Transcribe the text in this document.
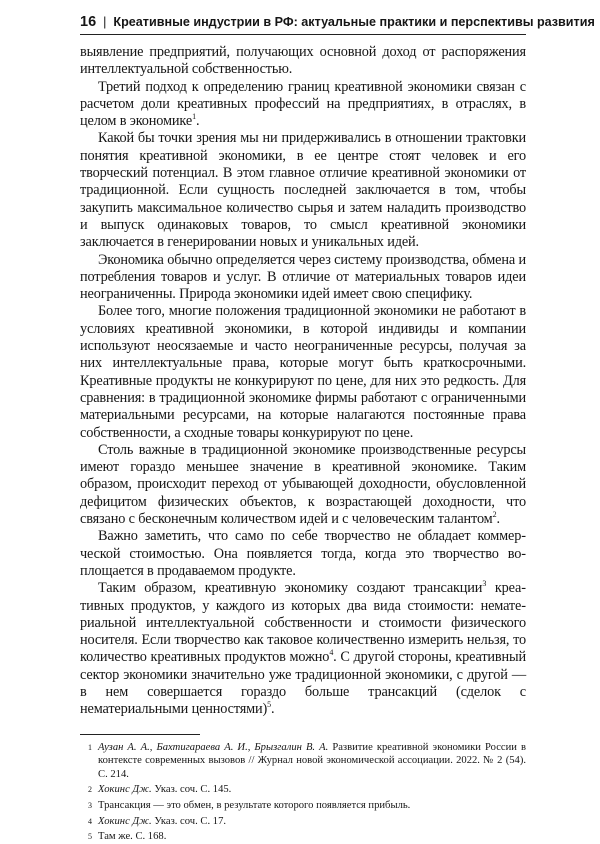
16 | Креативные индустрии в РФ: актуальные практики и перспективы развития

выявление предприятий, получающих основной доход от распоряжения интеллектуальной собственностью.

Третий подход к определению границ креативной экономики связан с расчетом доли креативных профессий на предприятиях, в отраслях, в целом в экономике$^1$.

Какой бы точки зрения мы ни придерживались в отношении трактовки понятия креативной экономики, в ее центре стоят человек и его творческий потенциал. В этом главное отличие креативной экономики от традиционной. Если сущность последней заключается в том, чтобы закупить максимальное количество сырья и затем наладить производство и выпуск одинаковых товаров, то смысл креативной экономики заключается в генерировании новых и уникальных идей.

Экономика обычно определяется через систему производства, обмена и потребления товаров и услуг. В отличие от материальных товаров идеи неограниченны. Природа экономики идей имеет свою специфику.

Более того, многие положения традиционной экономики не работают в условиях креативной экономики, в которой индивиды и компании используют неосязаемые и часто неограниченные ресурсы, получая за них интеллектуальные права, которые могут быть краткосрочными. Креативные продукты не конкурируют по цене, для них это редкость. Для сравнения: в традиционной экономике фирмы работают с ограниченными материальными ресурсами, на которые налагаются постоянные права собственности, а сходные товары конкурируют по цене.

Столь важные в традиционной экономике производственные ресурсы имеют гораздо меньшее значение в креативной экономике. Таким образом, происходит переход от убывающей доходности, обусловленной дефицитом физических объектов, к возрастающей доходности, что связано с бесконечным количеством идей и с человеческим талантом$^2$.

Важно заметить, что само по себе творчество не обладает коммерческой стоимостью. Она появляется тогда, когда это творчество воплощается в продаваемом продукте.

Таким образом, креативную экономику создают трансакции$^3$ креативных продуктов, у каждого из которых два вида стоимости: нематериальной интеллектуальной собственности и стоимости физического носителя. Если творчество как таковое количественно измерить нельзя, то количество креативных продуктов можно$^4$. С другой стороны, креативный сектор экономики значительно уже традиционной экономики, с другой — в нем совершается гораздо больше трансакций (сделок с нематериальными ценностями)$^5$.

1 Аузан А. А., Бахтигараева А. И., Брызгалин В. А. Развитие креативной экономики России в контексте современных вызовов // Журнал новой экономической ассоциации. 2022. № 2 (54). С. 214.
2 Хокинс Дж. Указ. соч. С. 145.
3 Трансакция — это обмен, в результате которого появляется прибыль.
4 Хокинс Дж. Указ. соч. С. 17.
5 Там же. С. 168.
